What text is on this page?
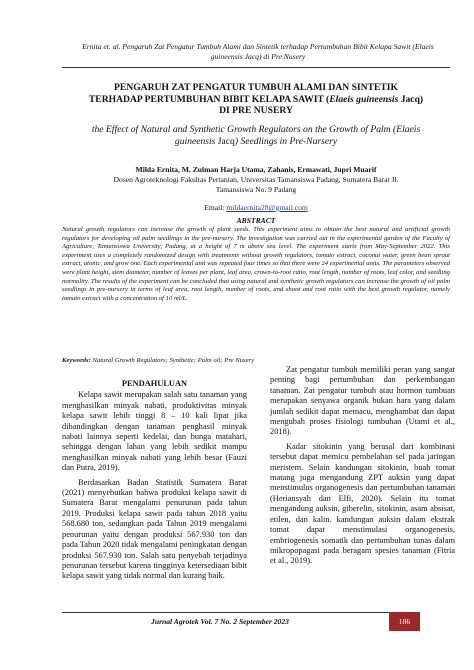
Ernita et. al. Pengaruh Zat Pengatur Tumbuh Alami dan Sintetik terhadap Pertumbuhan Bibit Kelapa Sawit (Elaeis guineensis Jacq) di Pre Nusery
PENGARUH ZAT PENGATUR TUMBUH ALAMI DAN SINTETIK
TERHADAP PERTUMBUHAN BIBIT KELAPA SAWIT (Elaeis guineensis Jacq)
DI PRE NUSERY
the Effect of Natural and Synthetic Growth Regulators on the Growth of Palm (Elaeis
guineensis Jacq) Seedlings in Pre-Nursery
Milda Ernita, M. Zulman Harja Utama, Zahanis, Ermawati, Jupri Muarif
Dosen Agroteknologi Fakultas Pertanian, Universitas Tamansiswa Padang, Sumatera Barat Jl.
Tamansiswa No. 9 Padang
Email: mildaernita28@gmail.com
ABSTRACT
Natural growth regulators can increase the growth of plant seeds. This experiment aims to obtain the best natural and artificial growth regulators for developing oil palm seedlings in the pre-nursery. The investigation was carried out in the experimental garden of the Faculty of Agriculture, Tamansiswa University, Padang, at a height of 7 m above sea level. The experiment starts from May-September 2022. This experiment uses a completely randomized design with treatments without growth regulators, tomato extract, coconut water, green bean sprout extract, atonic, and grow one. Each experimental unit was repeated four times so that there were 24 experimental units. The parameters observed were plant height, stem diameter, number of leaves per plant, leaf area, crown-to-root ratio, root length, number of roots, leaf color, and seedling normality. The results of the experiment can be concluded that using natural and synthetic growth regulators can increase the growth of oil palm seedlings in pre-nursery in terms of leaf area, root length, number of roots, and shoot and root ratio with the best growth regulator, namely tomato extract with a concentration of 10 ml/L.
Keywords: Natural Growth Regulators; Synthetic; Palm oil; Pre Nusery
PENDAHULUAN

Kelapa sawit merupakan salah satu tanaman yang menghasilkan minyak nabati, produktivitas minyak kelapa sawit lebih tinggi 8 – 10 kali lipat jika dibandingkan dengan tanaman penghasil minyak nabati lainnya seperti kedelai, dan bunga matahari, sehingga dengan lahan yang lebih sedikit mampu menghasilkan minyak nabati yang lebih besar (Fauzi dan Putra, 2019).

Berdasarkan Badan Statistik Sumatera Barat (2021) menyebutkan bahwa produksi kelapa sawit di Sumatera Barat mengalami penurunan pada tahun 2019. Produksi kelapa sawit pada tahun 2018 yaitu 568.680 ton, sedangkan pada Tahun 2019 mengalami penurunan yaitu dengan produksi 567.930 ton dan pada Tahun 2020 tidak mengalami peningkatan dengan produksi 567.930 ton. Salah satu penyebab terjadinya penurunan tersebut karena tingginya ketersediaan bibit kelapa sawit yang tidak normal dan kurang baik.

Zat pengatur tumbuh memiliki peran yang sangat penting bagi pertumbuhan dan perkembangan tanaman. Zat pengatur tumbuh atau hormon tumbuan merupakan senyawa organik bukan hara yang dalam jumlah sedikit dapat memacu, menghambat dan dapat mengubah proses fisiologi tumbuhan (Utami et al., 2018).

Kadar sitokinin yang berasal dari kombinasi tersebut dapat memicu pembelahan sel pada jaringan meristem. Selain kandungan sitokinin, buah tomat matang juga mengandung ZPT auksin yang dapat menstimulus organogenesis dan pertumbuhan tanaman (Heriansyah dan Elfi, 2020). Selain itu tomat mengandung auksin, giberelin, sitokinin, asam absisat, etilen, dan kalin. kandungan auksin dalam ekstrak tomat dapat menstimulasi organogenesis, embriogenesis somatik dan pertumbuhan tunas dalam mikropopagasi pada beragam spesies tanaman (Fitria et al., 2019).

Jurnal Agrotek Vol. 7 No. 2 September 2023	186
